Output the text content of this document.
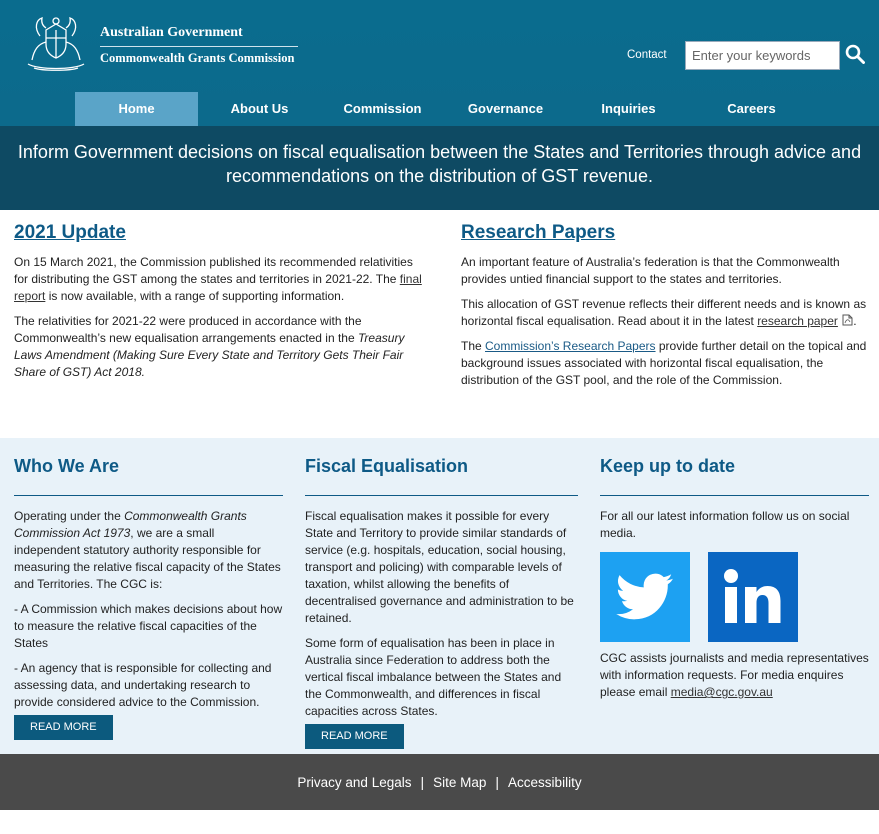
Australian Government
Commonwealth Grants Commission	Contact
Enter your keywords
Home	About Us	Commission	Governance	Inquiries	Careers
Inform Government decisions on fiscal equalisation between the States and Territories through advice and recommendations on the distribution of GST revenue.
2021 Update

On 15 March 2021, the Commission published its recommended relativities for distributing the GST among the states and territories in 2021-22. The final report is now available, with a range of supporting information.

The relativities for 2021-22 were produced in accordance with the Commonwealth’s new equalisation arrangements enacted in the Treasury Laws Amendment (Making Sure Every State and Territory Gets Their Fair Share of GST) Act 2018.

Research Papers

An important feature of Australia’s federation is that the Commonwealth provides untied financial support to the states and territories.

This allocation of GST revenue reflects their different needs and is known as horizontal fiscal equalisation. Read about it in the latest research paper .

The Commission’s Research Papers provide further detail on the topical and background issues associated with horizontal fiscal equalisation, the distribution of the GST pool, and the role of the Commission.

Who We Are

Operating under the Commonwealth Grants Commission Act 1973, we are a small independent statutory authority responsible for measuring the relative fiscal capacity of the States and Territories. The CGC is:

- A Commission which makes decisions about how to measure the relative fiscal capacities of the States

- An agency that is responsible for collecting and assessing data, and undertaking research to provide considered advice to the Commission.

READ MORE
Fiscal Equalisation

Fiscal equalisation makes it possible for every State and Territory to provide similar standards of service (e.g. hospitals, education, social housing, transport and policing) with comparable levels of taxation, whilst allowing the benefits of decentralised governance and administration to be retained.

Some form of equalisation has been in place in Australia since Federation to address both the vertical fiscal imbalance between the States and the Commonwealth, and differences in fiscal capacities across States.

READ MORE
Keep up to date

For all our latest information follow us on social media.

CGC assists journalists and media representatives with information requests. For media enquires please email media@cgc.gov.au

Privacy and Legals | Site Map | Accessibility
